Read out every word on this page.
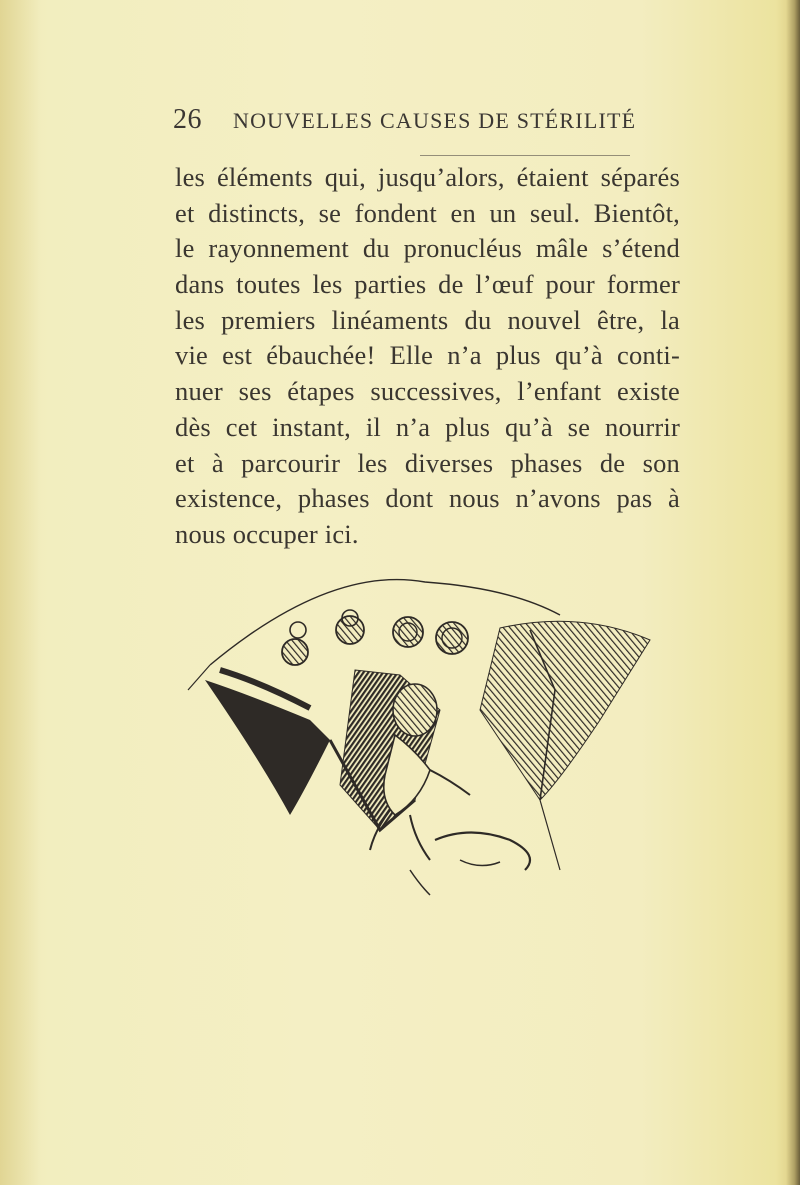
26 NOUVELLES CAUSES DE STÉRILITÉ
les éléments qui, jusqu’alors, étaient séparés
et distincts, se fondent en un seul. Bientôt,
le rayonnement du pronucléus mâle s’étend
dans toutes les parties de l’œuf pour former
les premiers linéaments du nouvel être, la
vie est ébauchée! Elle n’a plus qu’à conti-
nuer ses étapes successives, l’enfant existe
dès cet instant, il n’a plus qu’à se nourrir
et à parcourir les diverses phases de son
existence, phases dont nous n’avons pas à
nous occuper ici.
